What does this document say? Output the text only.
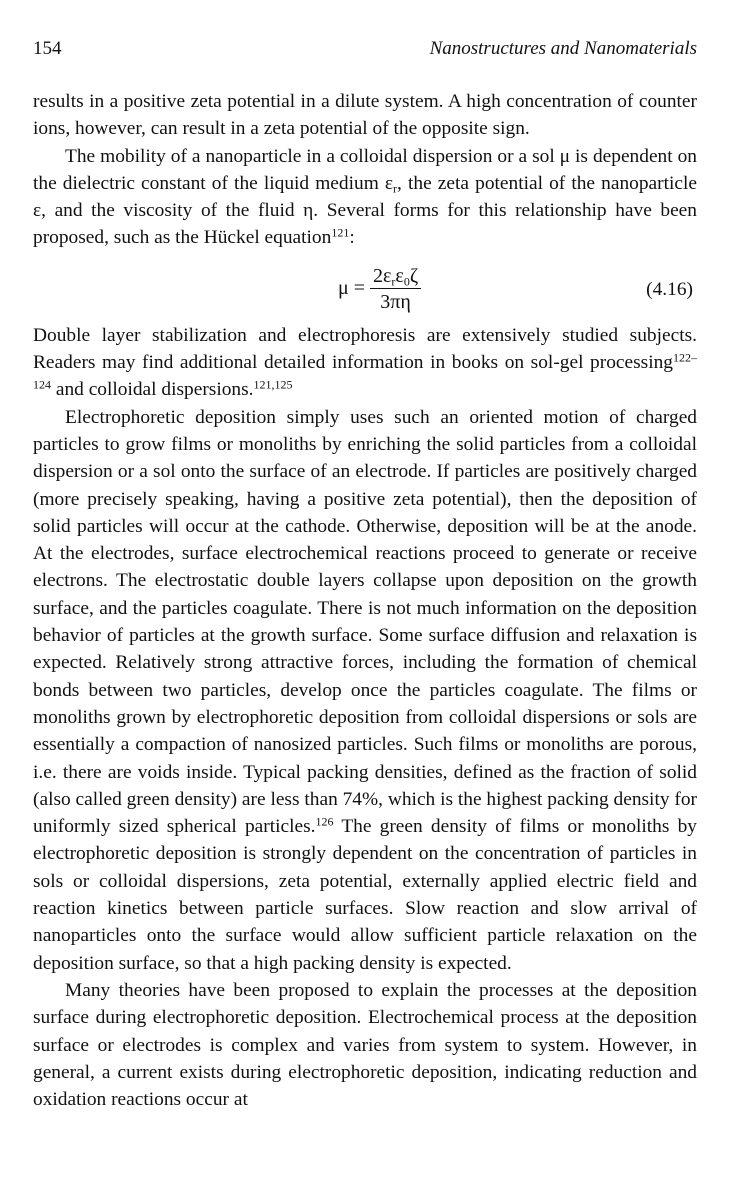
154	Nanostructures and Nanomaterials

results in a positive zeta potential in a dilute system. A high concentration of counter ions, however, can result in a zeta potential of the opposite sign.

The mobility of a nanoparticle in a colloidal dispersion or a sol μ is dependent on the dielectric constant of the liquid medium $\varepsilon_r$, the zeta potential of the nanoparticle ε, and the viscosity of the fluid η. Several forms for this relationship have been proposed, such as the Hückel equation$^{121}$:

$\mu = \frac{2\varepsilon_r\varepsilon_0\zeta}{3\pi\eta}$	(4.16)

Double layer stabilization and electrophoresis are extensively studied subjects. Readers may find additional detailed information in books on sol-gel processing$^{122-124}$ and colloidal dispersions.$^{121,125}$

Electrophoretic deposition simply uses such an oriented motion of charged particles to grow films or monoliths by enriching the solid particles from a colloidal dispersion or a sol onto the surface of an electrode. If particles are positively charged (more precisely speaking, having a positive zeta potential), then the deposition of solid particles will occur at the cathode. Otherwise, deposition will be at the anode. At the electrodes, surface electrochemical reactions proceed to generate or receive electrons. The electrostatic double layers collapse upon deposition on the growth surface, and the particles coagulate. There is not much information on the deposition behavior of particles at the growth surface. Some surface diffusion and relaxation is expected. Relatively strong attractive forces, including the formation of chemical bonds between two particles, develop once the particles coagulate. The films or monoliths grown by electrophoretic deposition from colloidal dispersions or sols are essentially a compaction of nanosized particles. Such films or monoliths are porous, i.e. there are voids inside. Typical packing densities, defined as the fraction of solid (also called green density) are less than 74%, which is the highest packing density for uniformly sized spherical particles.$^{126}$ The green density of films or monoliths by electrophoretic deposition is strongly dependent on the concentration of particles in sols or colloidal dispersions, zeta potential, externally applied electric field and reaction kinetics between particle surfaces. Slow reaction and slow arrival of nanoparticles onto the surface would allow sufficient particle relaxation on the deposition surface, so that a high packing density is expected.

Many theories have been proposed to explain the processes at the deposition surface during electrophoretic deposition. Electrochemical process at the deposition surface or electrodes is complex and varies from system to system. However, in general, a current exists during electrophoretic deposition, indicating reduction and oxidation reactions occur at
